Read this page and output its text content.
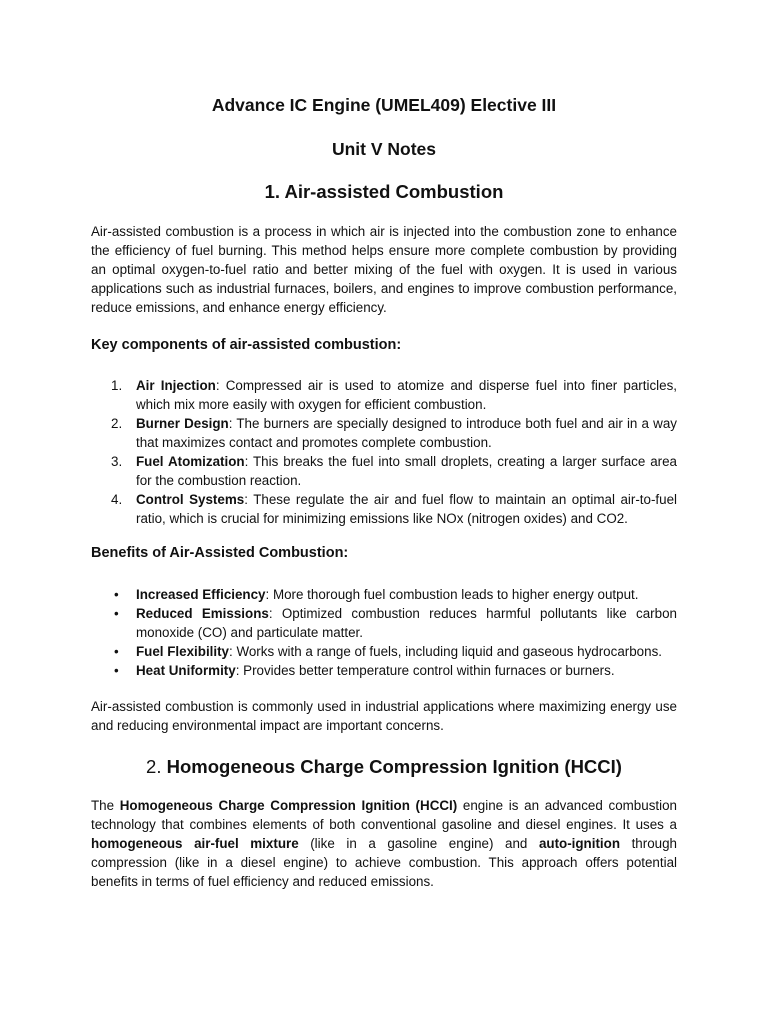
Advance IC Engine (UMEL409) Elective III
Unit V Notes
1. Air-assisted Combustion

Air-assisted combustion is a process in which air is injected into the combustion zone to enhance the efficiency of fuel burning. This method helps ensure more complete combustion by providing an optimal oxygen-to-fuel ratio and better mixing of the fuel with oxygen. It is used in various applications such as industrial furnaces, boilers, and engines to improve combustion performance, reduce emissions, and enhance energy efficiency.

Key components of air-assisted combustion:
1. Air Injection: Compressed air is used to atomize and disperse fuel into finer particles, which mix more easily with oxygen for efficient combustion.
2. Burner Design: The burners are specially designed to introduce both fuel and air in a way that maximizes contact and promotes complete combustion.
3. Fuel Atomization: This breaks the fuel into small droplets, creating a larger surface area for the combustion reaction.
4. Control Systems: These regulate the air and fuel flow to maintain an optimal air-to-fuel ratio, which is crucial for minimizing emissions like NOx (nitrogen oxides) and CO2.
Benefits of Air-Assisted Combustion:
• Increased Efficiency: More thorough fuel combustion leads to higher energy output.
• Reduced Emissions: Optimized combustion reduces harmful pollutants like carbon monoxide (CO) and particulate matter.
• Fuel Flexibility: Works with a range of fuels, including liquid and gaseous hydrocarbons.
• Heat Uniformity: Provides better temperature control within furnaces or burners.

Air-assisted combustion is commonly used in industrial applications where maximizing energy use and reducing environmental impact are important concerns.

2. Homogeneous Charge Compression Ignition (HCCI)

The Homogeneous Charge Compression Ignition (HCCI) engine is an advanced combustion technology that combines elements of both conventional gasoline and diesel engines. It uses a homogeneous air-fuel mixture (like in a gasoline engine) and auto-ignition through compression (like in a diesel engine) to achieve combustion. This approach offers potential benefits in terms of fuel efficiency and reduced emissions.
